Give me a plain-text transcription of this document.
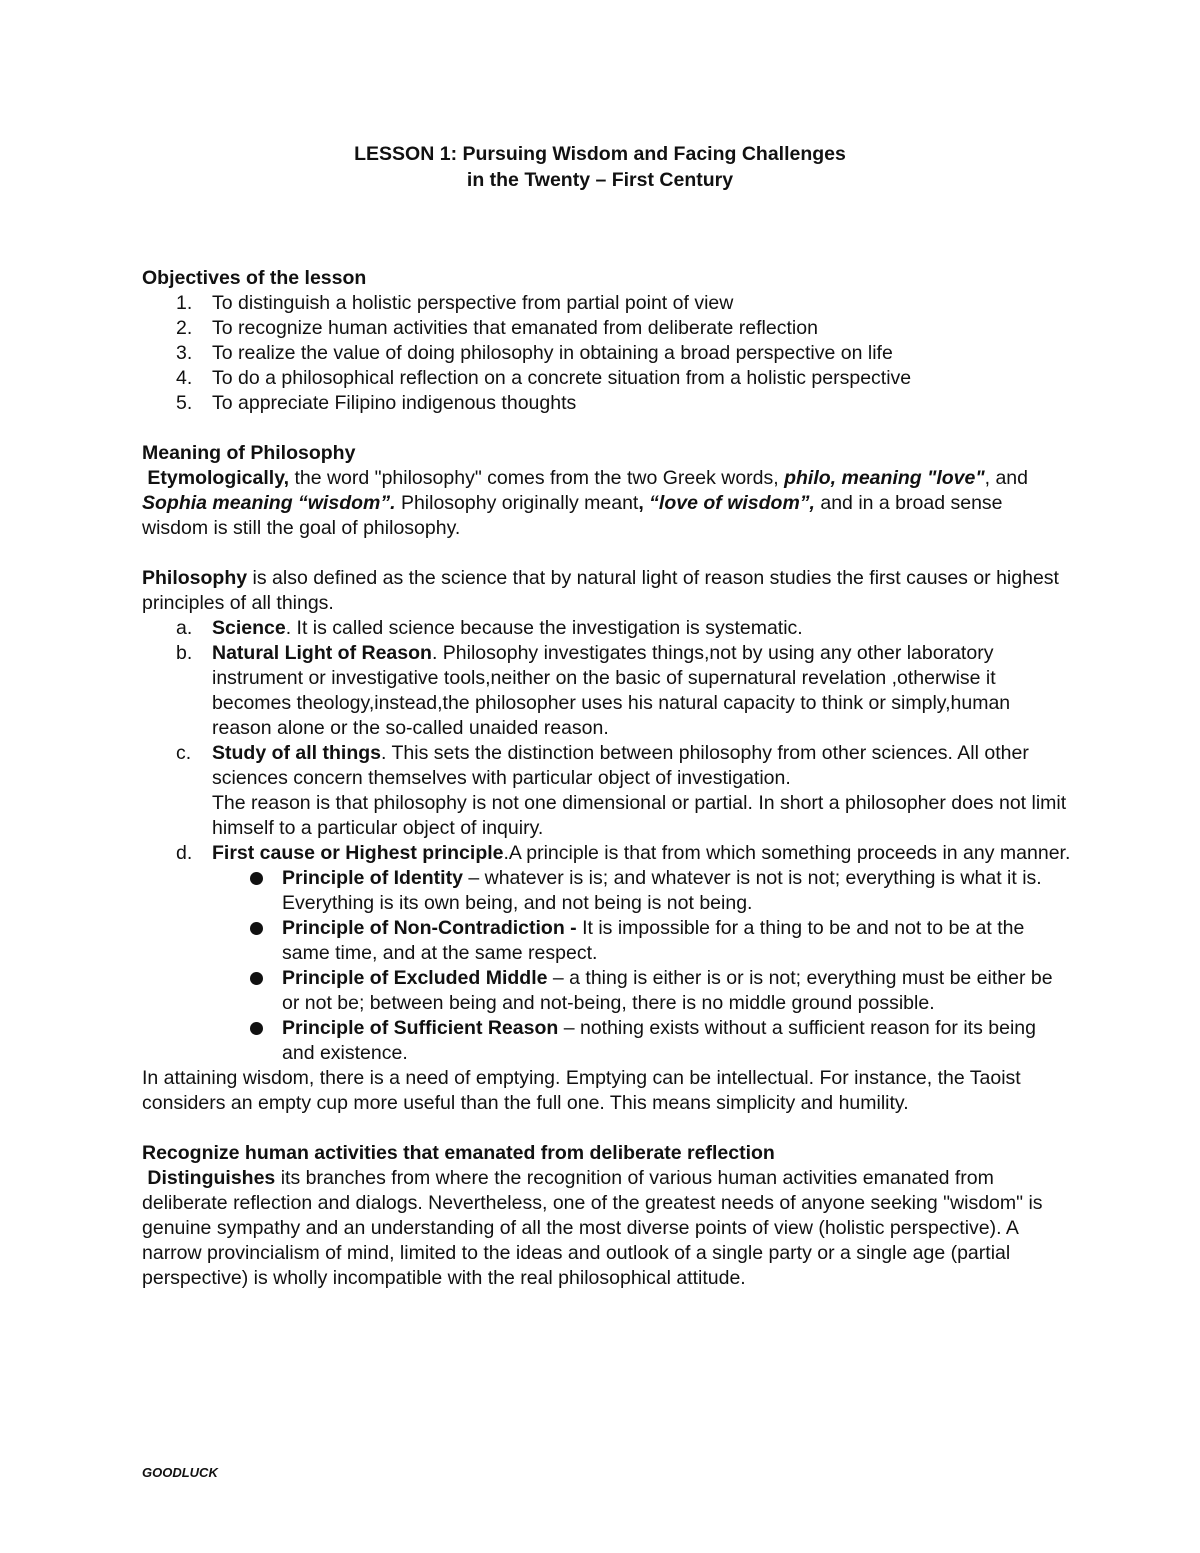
LESSON 1: Pursuing Wisdom and Facing Challenges
in the Twenty – First Century

Objectives of the lesson

1.	To distinguish a holistic perspective from partial point of view
2.	To recognize human activities that emanated from deliberate reflection
3.	To realize the value of doing philosophy in obtaining a broad perspective on life
4.	To do a philosophical reflection on a concrete situation from a holistic perspective
5.	To appreciate Filipino indigenous thoughts

Meaning of Philosophy

Etymologically, the word "philosophy" comes from the two Greek words, philo, meaning "love", and Sophia meaning “wisdom”. Philosophy originally meant, “love of wisdom”, and in a broad sense wisdom is still the goal of philosophy.

Philosophy is also defined as the science that by natural light of reason studies the first causes or highest principles of all things.

a.	Science. It is called science because the investigation is systematic.
b.	Natural Light of Reason. Philosophy investigates things,not by using any other laboratory instrument or investigative tools,neither on the basic of supernatural revelation ,otherwise it becomes theology,instead,the philosopher uses his natural capacity to think or simply,human reason alone or the so-called unaided reason.
c.	Study of all things. This sets the distinction between philosophy from other sciences. All other sciences concern themselves with particular object of investigation.
The reason is that philosophy is not one dimensional or partial. In short a philosopher does not limit himself to a particular object of inquiry.
d.	First cause or Highest principle.A principle is that from which something proceeds in any manner.
Principle of Identity – whatever is is; and whatever is not is not; everything is what it is. Everything is its own being, and not being is not being.
Principle of Non-Contradiction - It is impossible for a thing to be and not to be at the same time, and at the same respect.
Principle of Excluded Middle – a thing is either is or is not; everything must be either be or not be; between being and not-being, there is no middle ground possible.
Principle of Sufficient Reason – nothing exists without a sufficient reason for its being and existence.

In attaining wisdom, there is a need of emptying. Emptying can be intellectual. For instance, the Taoist considers an empty cup more useful than the full one. This means simplicity and humility.

Recognize human activities that emanated from deliberate reflection

Distinguishes its branches from where the recognition of various human activities emanated from deliberate reflection and dialogs. Nevertheless, one of the greatest needs of anyone seeking "wisdom" is genuine sympathy and an understanding of all the most diverse points of view (holistic perspective). A narrow provincialism of mind, limited to the ideas and outlook of a single party or a single age (partial perspective) is wholly incompatible with the real philosophical attitude.

GOODLUCK
